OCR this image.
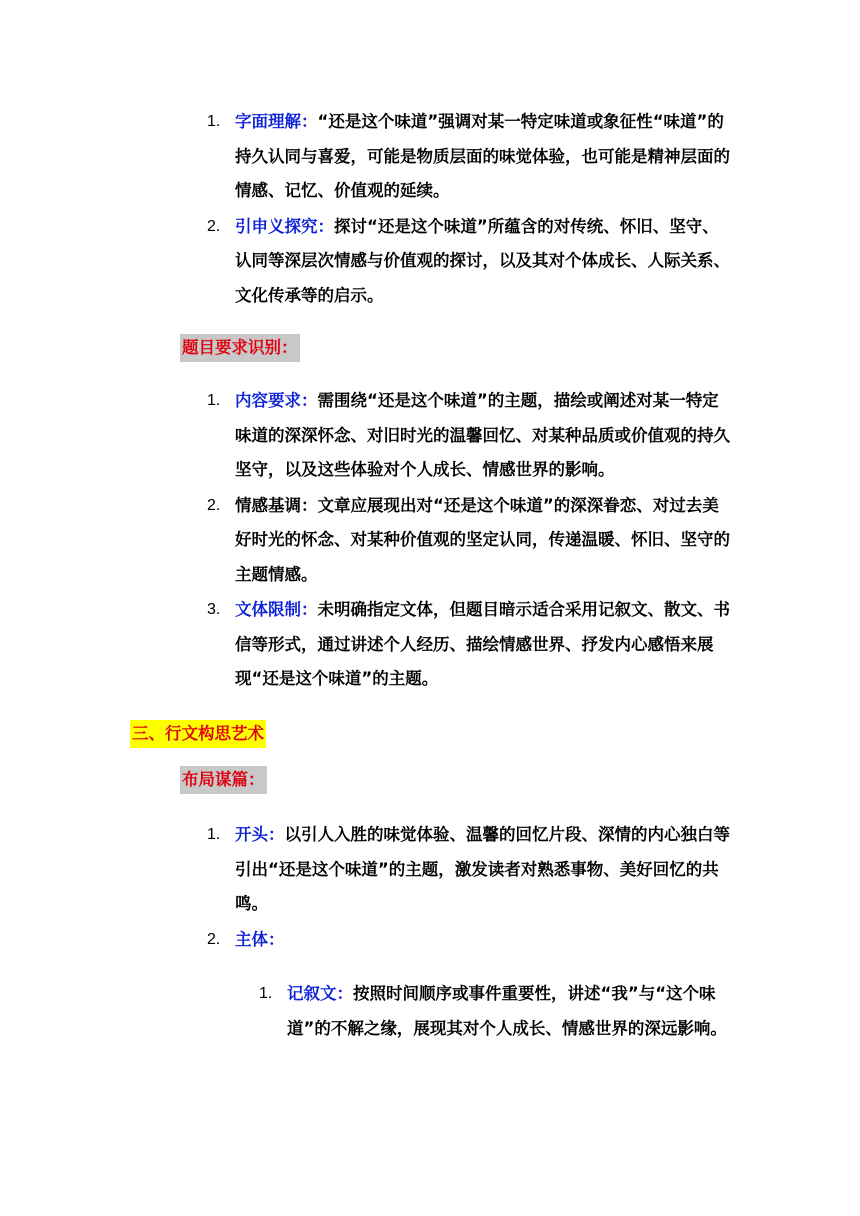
1. 字面理解：“还是这个味道”强调对某一特定味道或象征性“味道”的持久认同与喜爱，可能是物质层面的味觉体验，也可能是精神层面的情感、记忆、价值观的延续。
2. 引申义探究：探讨“还是这个味道”所蕴含的对传统、怀旧、坚守、认同等深层次情感与价值观的探讨，以及其对个体成长、人际关系、文化传承等的启示。
题目要求识别：
1. 内容要求：需围绕“还是这个味道”的主题，描绘或阐述对某一特定味道的深深怀念、对旧时光的温馨回忆、对某种品质或价值观的持久坚守，以及这些体验对个人成长、情感世界的影响。
2. 情感基调：文章应展现出对“还是这个味道”的深深眷恋、对过去美好时光的怀念、对某种价值观的坚定认同，传递温暖、怀旧、坚守的主题情感。
3. 文体限制：未明确指定文体，但题目暗示适合采用记叙文、散文、书信等形式，通过讲述个人经历、描绘情感世界、抒发内心感悟来展现“还是这个味道”的主题。
三、行文构思艺术
布局谋篇：
1. 开头：以引人入胜的味觉体验、温馨的回忆片段、深情的内心独白等引出“还是这个味道”的主题，激发读者对熟悉事物、美好回忆的共鸣。
2. 主体：
1. 记叙文：按照时间顺序或事件重要性，讲述“我”与“这个味道”的不解之缘，展现其对个人成长、情感世界的深远影响。
